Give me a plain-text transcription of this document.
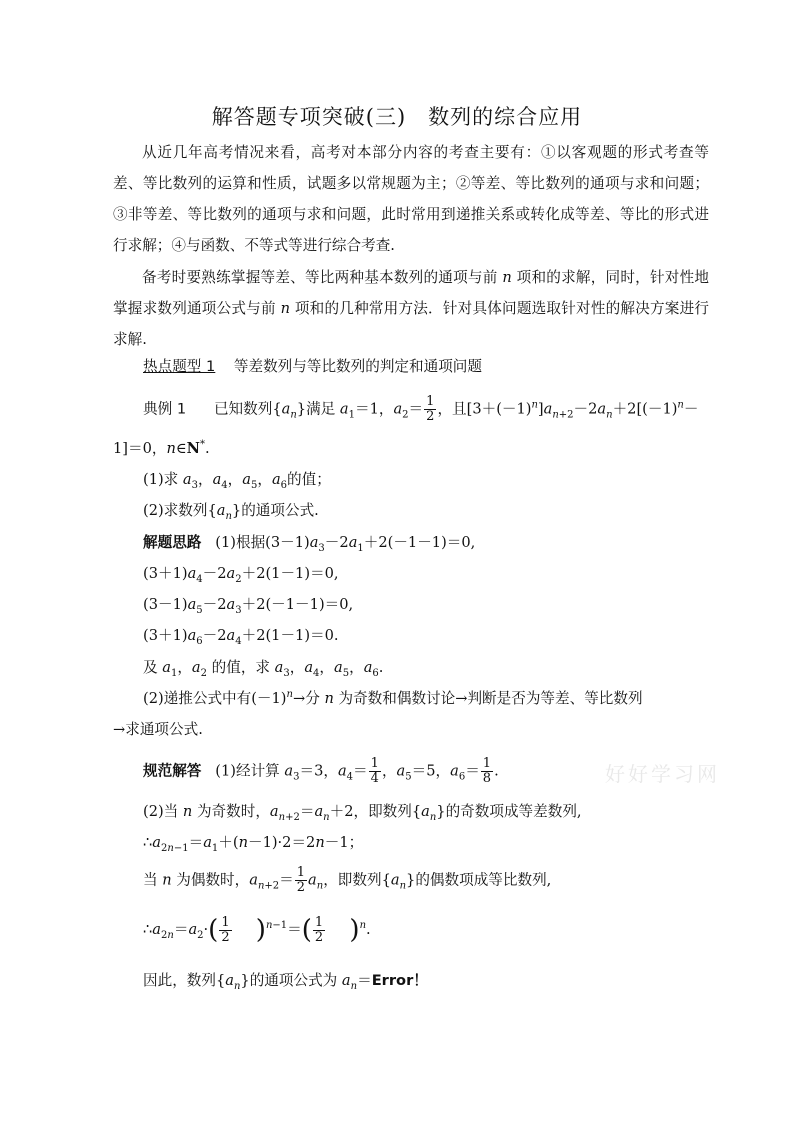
解答题专项突破(三)　数列的综合应用
从近几年高考情况来看，高考对本部分内容的考查主要有：①以客观题的形式考查等差、等比数列的运算和性质，试题多以常规题为主；②等差、等比数列的通项与求和问题；③非等差、等比数列的通项与求和问题，此时常用到递推关系或转化成等差、等比的形式进行求解；④与函数、不等式等进行综合考查.
备考时要熟练掌握等差、等比两种基本数列的通项与前 n 项和的求解，同时，针对性地掌握求数列通项公式与前 n 项和的几种常用方法．针对具体问题选取针对性的解决方案进行求解.
热点题型 1 等差数列与等比数列的判定和通项问题
典例 1      已知数列$\{a_n\}$满足 $a_1=1$，$a_2= \frac{1}{2}$ ，且$[3+(-1)^n]a_{n+2}-2a_n+2[(-1)^n-$
1]＝0，n∈N*.
(1)求 $a_3$，$a_4$，$a_5$，$a_6$的值；
(2)求数列$\{a_n\}$的通项公式.
解题思路   (1)根据$(3-1)a_3-2a_1+2(-1-1)=0$,
$(3+1)a_4-2a_2+2(1-1)=0$,
$(3-1)a_5-2a_3+2(-1-1)=0$,
$(3+1)a_6-2a_4+2(1-1)=0$.
及 $a_1$，$a_2$ 的值，求 $a_3$，$a_4$，$a_5$，$a_6$.
(2)递推公式中有$(-1)^n\to$分 n 为奇数和偶数讨论→判断是否为等差、等比数列
→求通项公式.
规范解答   (1)经计算 $a_3=3$，$a_4= \frac{1}{4}$ ，$a_5=5$，$a_6= \frac{1}{8}$ .
(2)当 n 为奇数时，$a_{n+2}=a_n+2$，即数列$\{a_n\}$的奇数项成等差数列,
$\therefore a_{2n-1}=a_1+(n-1)\cdot 2=2n-1$；
当 n 为偶数时，$a_{n+2}= \frac{1}{2} a_n$，即数列$\{a_n\}$的偶数项成等比数列,
$\therefore a_{2n}=a_2\cdot( \frac{1}{2} )^{n-1}=( \frac{1}{2} )^n$.
因此，数列$\{a_n\}$的通项公式为 $a_n=Error$！
好好学习网
